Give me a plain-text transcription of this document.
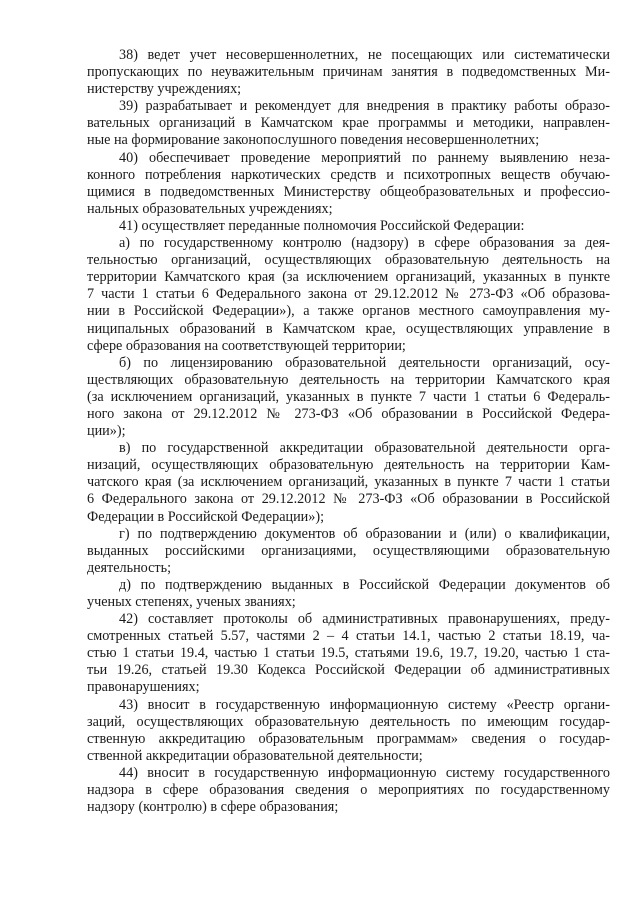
38) ведет учет несовершеннолетних, не посещающих или систематически
пропускающих по неуважительным причинам занятия в подведомственных Ми-
нистерству учреждениях;
39) разрабатывает и рекомендует для внедрения в практику работы образо-
вательных организаций в Камчатском крае программы и методики, направлен-
ные на формирование законопослушного поведения несовершеннолетних;
40) обеспечивает проведение мероприятий по раннему выявлению неза-
конного потребления наркотических средств и психотропных веществ обучаю-
щимися в подведомственных Министерству общеобразовательных и профессио-
нальных образовательных учреждениях;
41) осуществляет переданные полномочия Российской Федерации:
а) по государственному контролю (надзору) в сфере образования за дея-
тельностью организаций, осуществляющих образовательную деятельность на
территории Камчатского края (за исключением организаций, указанных в пункте
7 части 1 статьи 6 Федерального закона от 29.12.2012 № 273-ФЗ «Об образова-
нии в Российской Федерации»), а также органов местного самоуправления му-
ниципальных образований в Камчатском крае, осуществляющих управление в
сфере образования на соответствующей территории;
б) по лицензированию образовательной деятельности организаций, осу-
ществляющих образовательную деятельность на территории Камчатского края
(за исключением организаций, указанных в пункте 7 части 1 статьи 6 Федераль-
ного закона от 29.12.2012 № 273-ФЗ «Об образовании в Российской Федера-
ции»);
в) по государственной аккредитации образовательной деятельности орга-
низаций, осуществляющих образовательную деятельность на территории Кам-
чатского края (за исключением организаций, указанных в пункте 7 части 1 статьи
6 Федерального закона от 29.12.2012 № 273-ФЗ «Об образовании в Российской
Федерации в Российской Федерации»);
г) по подтверждению документов об образовании и (или) о квалификации,
выданных российскими организациями, осуществляющими образовательную
деятельность;
д) по подтверждению выданных в Российской Федерации документов об
ученых степенях, ученых званиях;
42) составляет протоколы об административных правонарушениях, преду-
смотренных статьей 5.57, частями 2 – 4 статьи 14.1, частью 2 статьи 18.19, ча-
стью 1 статьи 19.4, частью 1 статьи 19.5, статьями 19.6, 19.7, 19.20, частью 1 ста-
тьи 19.26, статьей 19.30 Кодекса Российской Федерации об административных
правонарушениях;
43) вносит в государственную информационную систему «Реестр органи-
заций, осуществляющих образовательную деятельность по имеющим государ-
ственную аккредитацию образовательным программам» сведения о государ-
ственной аккредитации образовательной деятельности;
44) вносит в государственную информационную систему государственного
надзора в сфере образования сведения о мероприятиях по государственному
надзору (контролю) в сфере образования;
